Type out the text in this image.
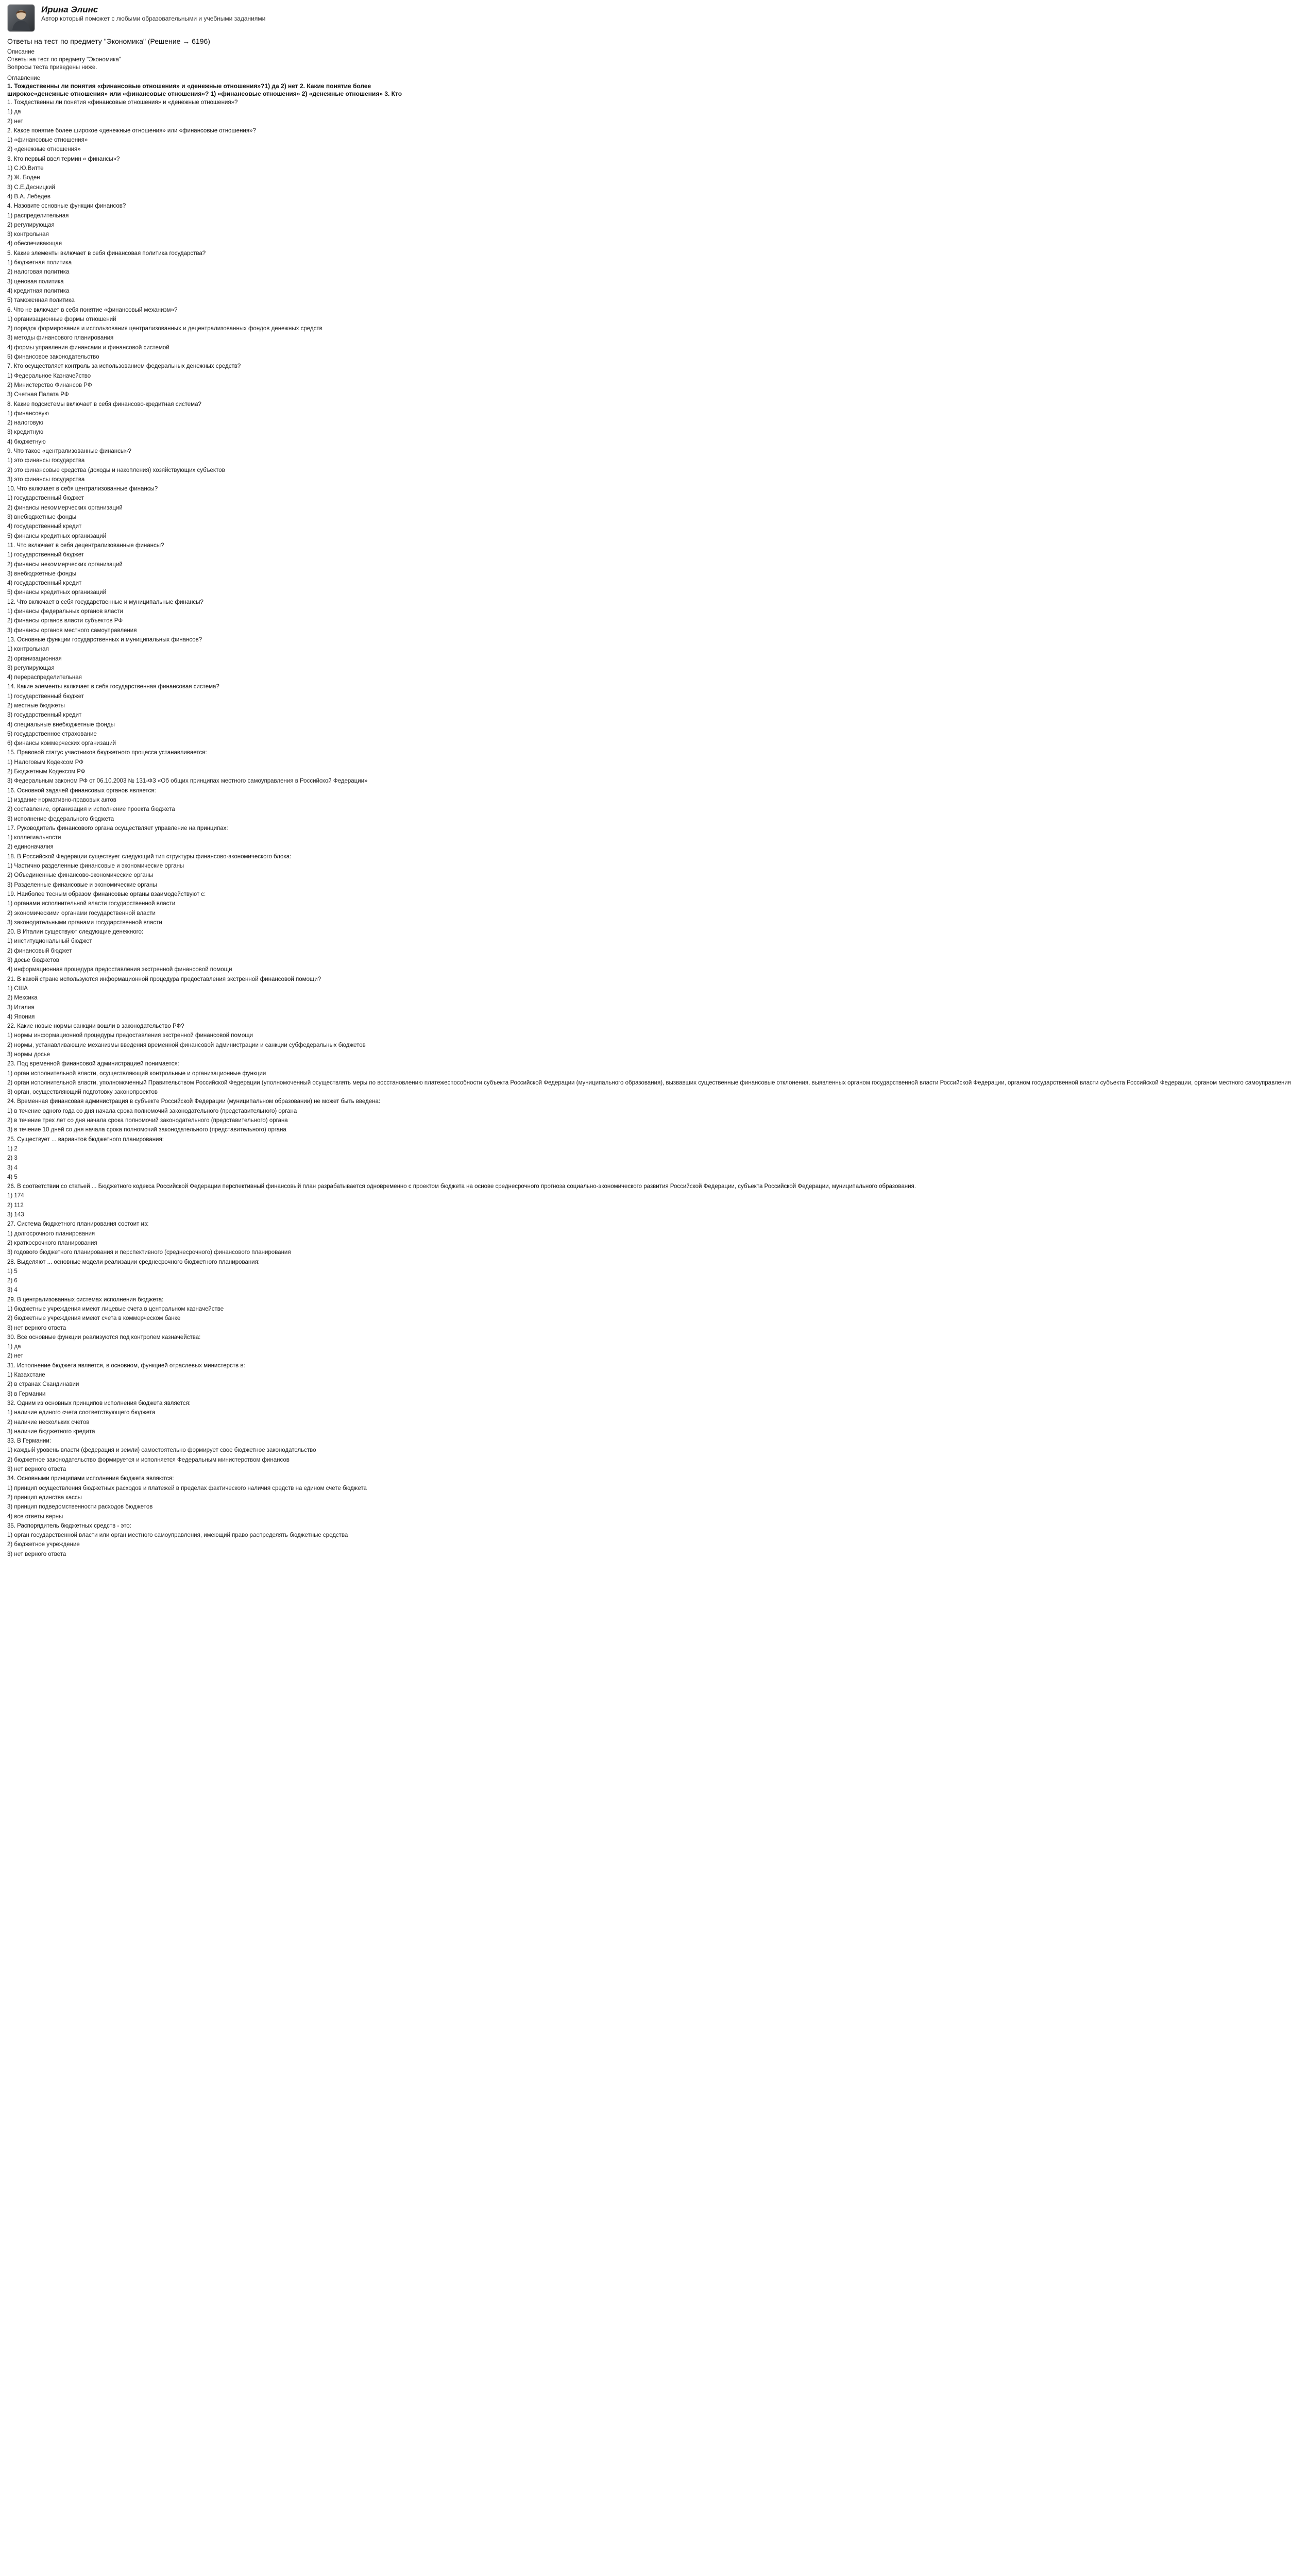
Ирина Элинс
Автор который поможет с любыми образовательными и учебными заданиями
Ответы на тест по предмету "Экономика" (Решение → 6196)
Описание
Ответы на тест по предмету "Экономика"
Вопросы теста приведены ниже.
Оглавление
1. Тождественны ли понятия «финансовые отношения» и «денежные отношения»?1) да 2) нет 2. Какие понятие более широкое«денежные отношения» или «финансовые отношения»? 1) «финансовые отношения» 2) «денежные отношения» 3. Кто
1. Тождественны ли понятия «финансовые отношения» и «денежные отношения»?
1) да
2) нет
2. Какое понятие более широкое «денежные отношения» или «финансовые отношения»?
1) «финансовые отношения»
2) «денежные отношения»
3. Кто первый ввел термин « финансы»?
1) С.Ю.Витте
2) Ж. Боден
3) С.Е.Десницкий
4) В.А. Лебедев
4. Назовите основные функции финансов?
1) распределительная
2) регулирующая
3) контрольная
4) обеспечивающая
5. Какие элементы включает в себя финансовая политика государства?
1) бюджетная политика
2) налоговая политика
3) ценовая политика
4) кредитная политика
5) таможенная политика
6. Что не включает в себя понятие «финансовый механизм»?
1) организационные формы отношений
2) порядок формирования и использования централизованных и децентрализованных фондов денежных средств
3) методы финансового планирования
4) формы управления финансами и финансовой системой
5) финансовое законодательство
7. Кто осуществляет контроль за использованием федеральных денежных средств?
1) Федеральное Казначейство
2) Министерство Финансов РФ
3) Счетная Палата РФ
8. Какие подсистемы включает в себя финансово-кредитная система?
1) финансовую
2) налоговую
3) кредитную
4) бюджетную
9. Что такое «централизованные финансы»?
1) это финансы государства
2) это финансовые средства (доходы и накопления) хозяйствующих субъектов
3) это финансы государства
10. Что включает в себя централизованные финансы?
1) государственный бюджет
2) финансы некоммерческих организаций
3) внебюджетные фонды
4) государственный кредит
5) финансы кредитных организаций
11. Что включает в себя децентрализованные финансы?
1) государственный бюджет
2) финансы некоммерческих организаций
3) внебюджетные фонды
4) государственный кредит
5) финансы кредитных организаций
12. Что включает в себя государственные и муниципальные финансы?
1) финансы федеральных органов власти
2) финансы органов власти субъектов РФ
3) финансы органов местного самоуправления
13. Основные функции государственных и муниципальных финансов?
1) контрольная
2) организационная
3) регулирующая
4) перераспределительная
14. Какие элементы включает в себя государственная финансовая система?
1) государственный бюджет
2) местные бюджеты
3) государственный кредит
4) специальные внебюджетные фонды
5) государственное страхование
6) финансы коммерческих организаций
15. Правовой статус участников бюджетного процесса устанавливается:
1) Налоговым Кодексом РФ
2) Бюджетным Кодексом РФ
3) Федеральным законом РФ от 06.10.2003 № 131-ФЗ «Об общих принципах местного самоуправления в Российской Федерации»
16. Основной задачей финансовых органов является:
1) издание нормативно-правовых актов
2) составление, организация и исполнение проекта бюджета
3) исполнение федерального бюджета
17. Руководитель финансового органа осуществляет управление на принципах:
1) коллегиальности
2) единоначалия
18. В Российской Федерации существует следующий тип структуры финансово-экономического блока:
1) Частично разделенные финансовые и экономические органы
2) Объединенные финансово-экономические органы
3) Разделенные финансовые и экономические органы
19. Наиболее тесным образом финансовые органы взаимодействуют с:
1) органами исполнительной власти государственной власти
2) экономическими органами государственной власти
3) законодательными органами государственной власти
20. В Италии существуют следующие денежного:
1) институциональный бюджет
2) финансовый бюджет
3) досье бюджетов
4) информационная процедура предоставления экстренной финансовой помощи
21. В какой стране используются информационной процедура предоставления экстренной финансовой помощи?
1) США
2) Мексика
3) Италия
4) Япония
22. Какие новые нормы санкции вошли в законодательство РФ?
1) нормы информационной процедуры предоставления экстренной финансовой помощи
2) нормы, устанавливающие механизмы введения временной финансовой администрации и санкции субфедеральных бюджетов
3) нормы досье
23. Под временной финансовой администрацией понимается:
1) орган исполнительной власти, осуществляющий контрольные и организационные функции
2) орган исполнительной власти, уполномоченный Правительством Российской Федерации (уполномоченный осуществлять меры по восстановлению платежеспособности субъекта Российской Федерации (муниципального образования), вызвавших существенные финансовые отклонения, выявленных органом государственной власти Российской Федерации, органом государственной власти субъекта Российской Федерации, органом местного самоуправления
3) орган, осуществляющий подготовку законопроектов
24. Временная финансовая администрация в субъекте Российской Федерации (муниципальном образовании) не может быть введена:
1) в течение одного года со дня начала срока полномочий законодательного (представительного) органа
2) в течение трех лет со дня начала срока полномочий законодательного (представительного) органа
3) в течение 10 дней со дня начала срока полномочий законодательного (представительного) органа
25. Существует ... вариантов бюджетного планирования:
1) 2
2) 3
3) 4
4) 5
26. В соответствии со статьей ... Бюджетного кодекса Российской Федерации перспективный финансовый план разрабатывается одновременно с проектом бюджета на основе среднесрочного прогноза социально-экономического развития Российской Федерации, субъекта Российской Федерации, муниципального образования.
1) 174
2) 112
3) 143
27. Система бюджетного планирования состоит из:
1) долгосрочного планирования
2) краткосрочного планирования
3) годового бюджетного планирования и перспективного (среднесрочного) финансового планирования
28. Выделяют ... основные модели реализации среднесрочного бюджетного планирования:
1) 5
2) 6
3) 4
29. В централизованных системах исполнения бюджета:
1) бюджетные учреждения имеют лицевые счета в центральном казначействе
2) бюджетные учреждения имеют счета в коммерческом банке
3) нет верного ответа
30. Все основные функции реализуются под контролем казначейства:
1) да
2) нет
31. Исполнение бюджета является, в основном, функцией отраслевых министерств в:
1) Казахстане
2) в странах Скандинавии
3) в Германии
32. Одним из основных принципов исполнения бюджета является:
1) наличие единого счета соответствующего бюджета
2) наличие нескольких счетов
3) наличие бюджетного кредита
33. В Германии:
1) каждый уровень власти (федерация и земли) самостоятельно формирует свое бюджетное законодательство
2) бюджетное законодательство формируется и исполняется Федеральным министерством финансов
3) нет верного ответа
34. Основными принципами исполнения бюджета являются:
1) принцип осуществления бюджетных расходов и платежей в пределах фактического наличия средств на едином счете бюджета
2) принцип единства кассы
3) принцип подведомственности расходов бюджетов
4) все ответы верны
35. Распорядитель бюджетных средств - это:
1) орган государственной власти или орган местного самоуправления, имеющий право распределять бюджетные средства
2) бюджетное учреждение
3) нет верного ответа
